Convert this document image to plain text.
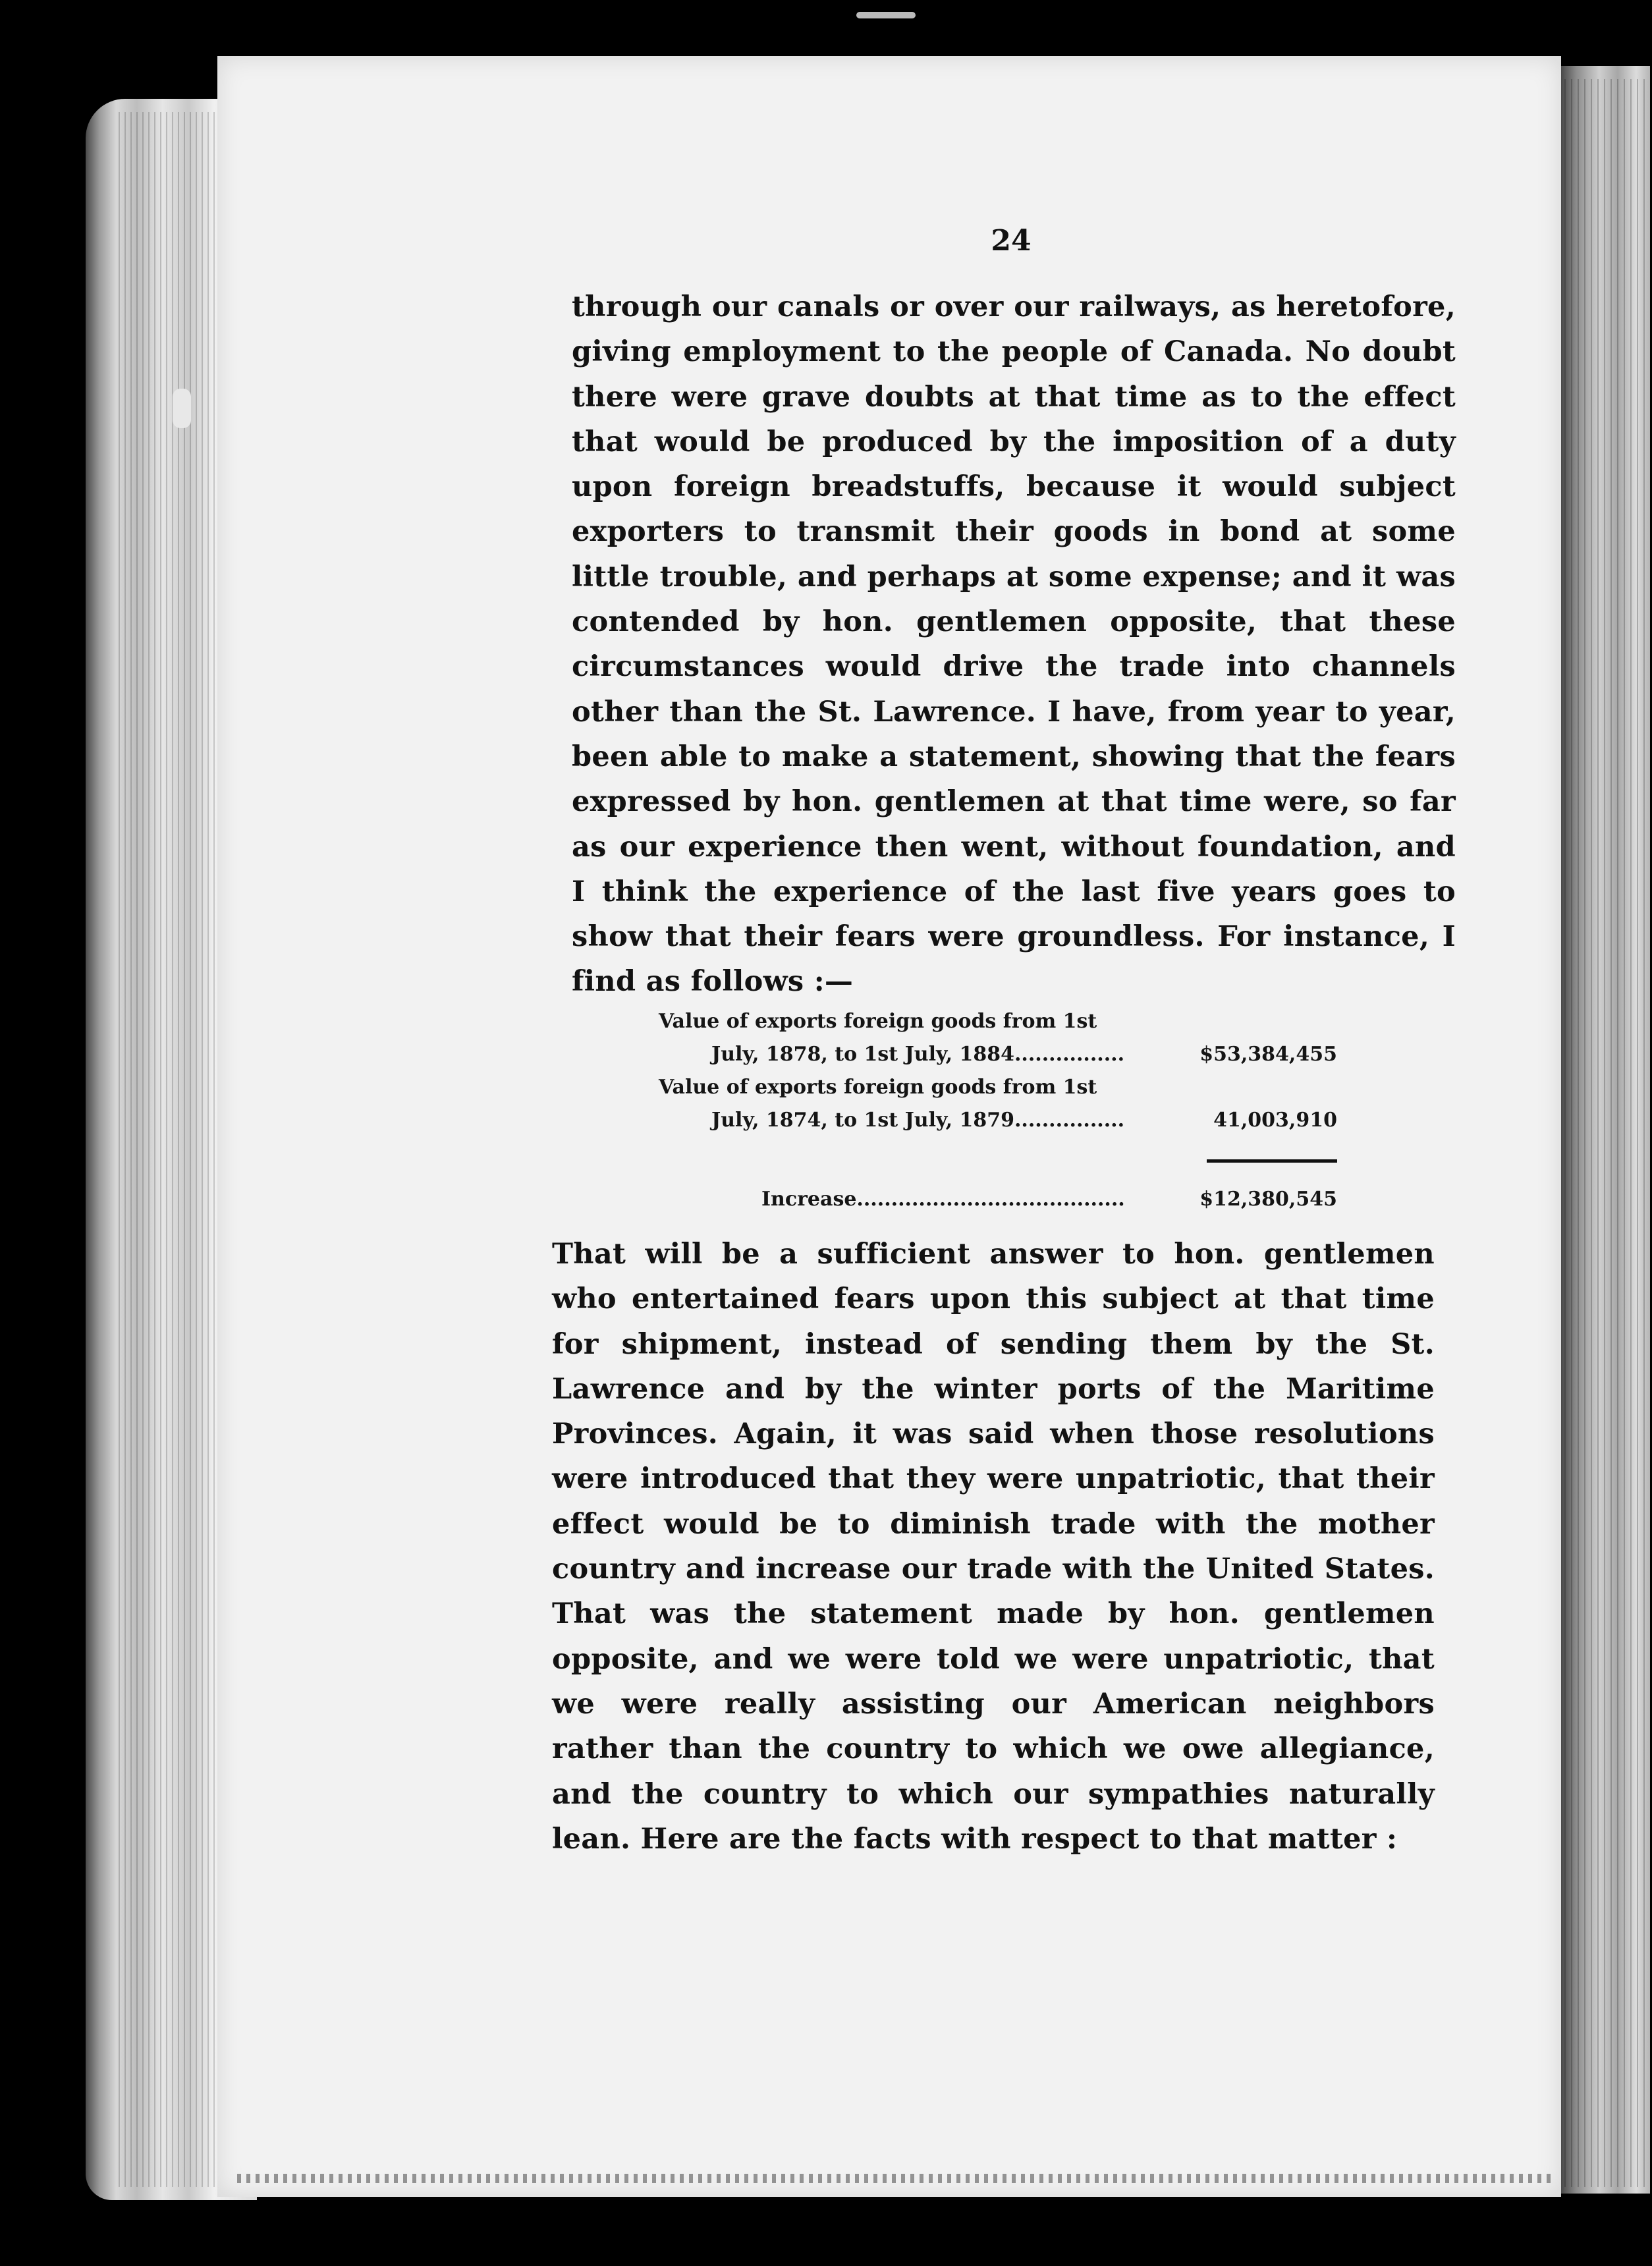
24
through our canals or over our railways, as heretofore, giving employment to the people of Canada. No doubt there were grave doubts at that time as to the effect that would be produced by the imposition of a duty upon foreign breadstuffs, because it would subject exporters to transmit their goods in bond at some little trouble, and perhaps at some expense; and it was contended by hon. gentlemen opposite, that these circumstances would drive the trade into channels other than the St. Lawrence. I have, from year to year, been able to make a statement, showing that the fears expressed by hon. gentlemen at that time were, so far as our experience then went, without foundation, and I think the experience of the last five years goes to show that their fears were groundless. For instance, I find as follows :—
Value of exports foreign goods from 1st
July, 1878, to 1st July, 1884................	$53,384,455
Value of exports foreign goods from 1st
July, 1874, to 1st July, 1879................	41,003,910
Increase.......................................	$12,380,545
That will be a sufficient answer to hon. gentlemen who entertained fears upon this subject at that time for shipment, instead of sending them by the St. Lawrence and by the winter ports of the Maritime Provinces. Again, it was said when those resolutions were introduced that they were unpatriotic, that their effect would be to diminish trade with the mother country and increase our trade with the United States. That was the statement made by hon. gentlemen opposite, and we were told we were unpatriotic, that we were really assisting our American neighbors rather than the country to which we owe allegiance, and the country to which our sympathies naturally lean. Here are the facts with respect to that matter :
